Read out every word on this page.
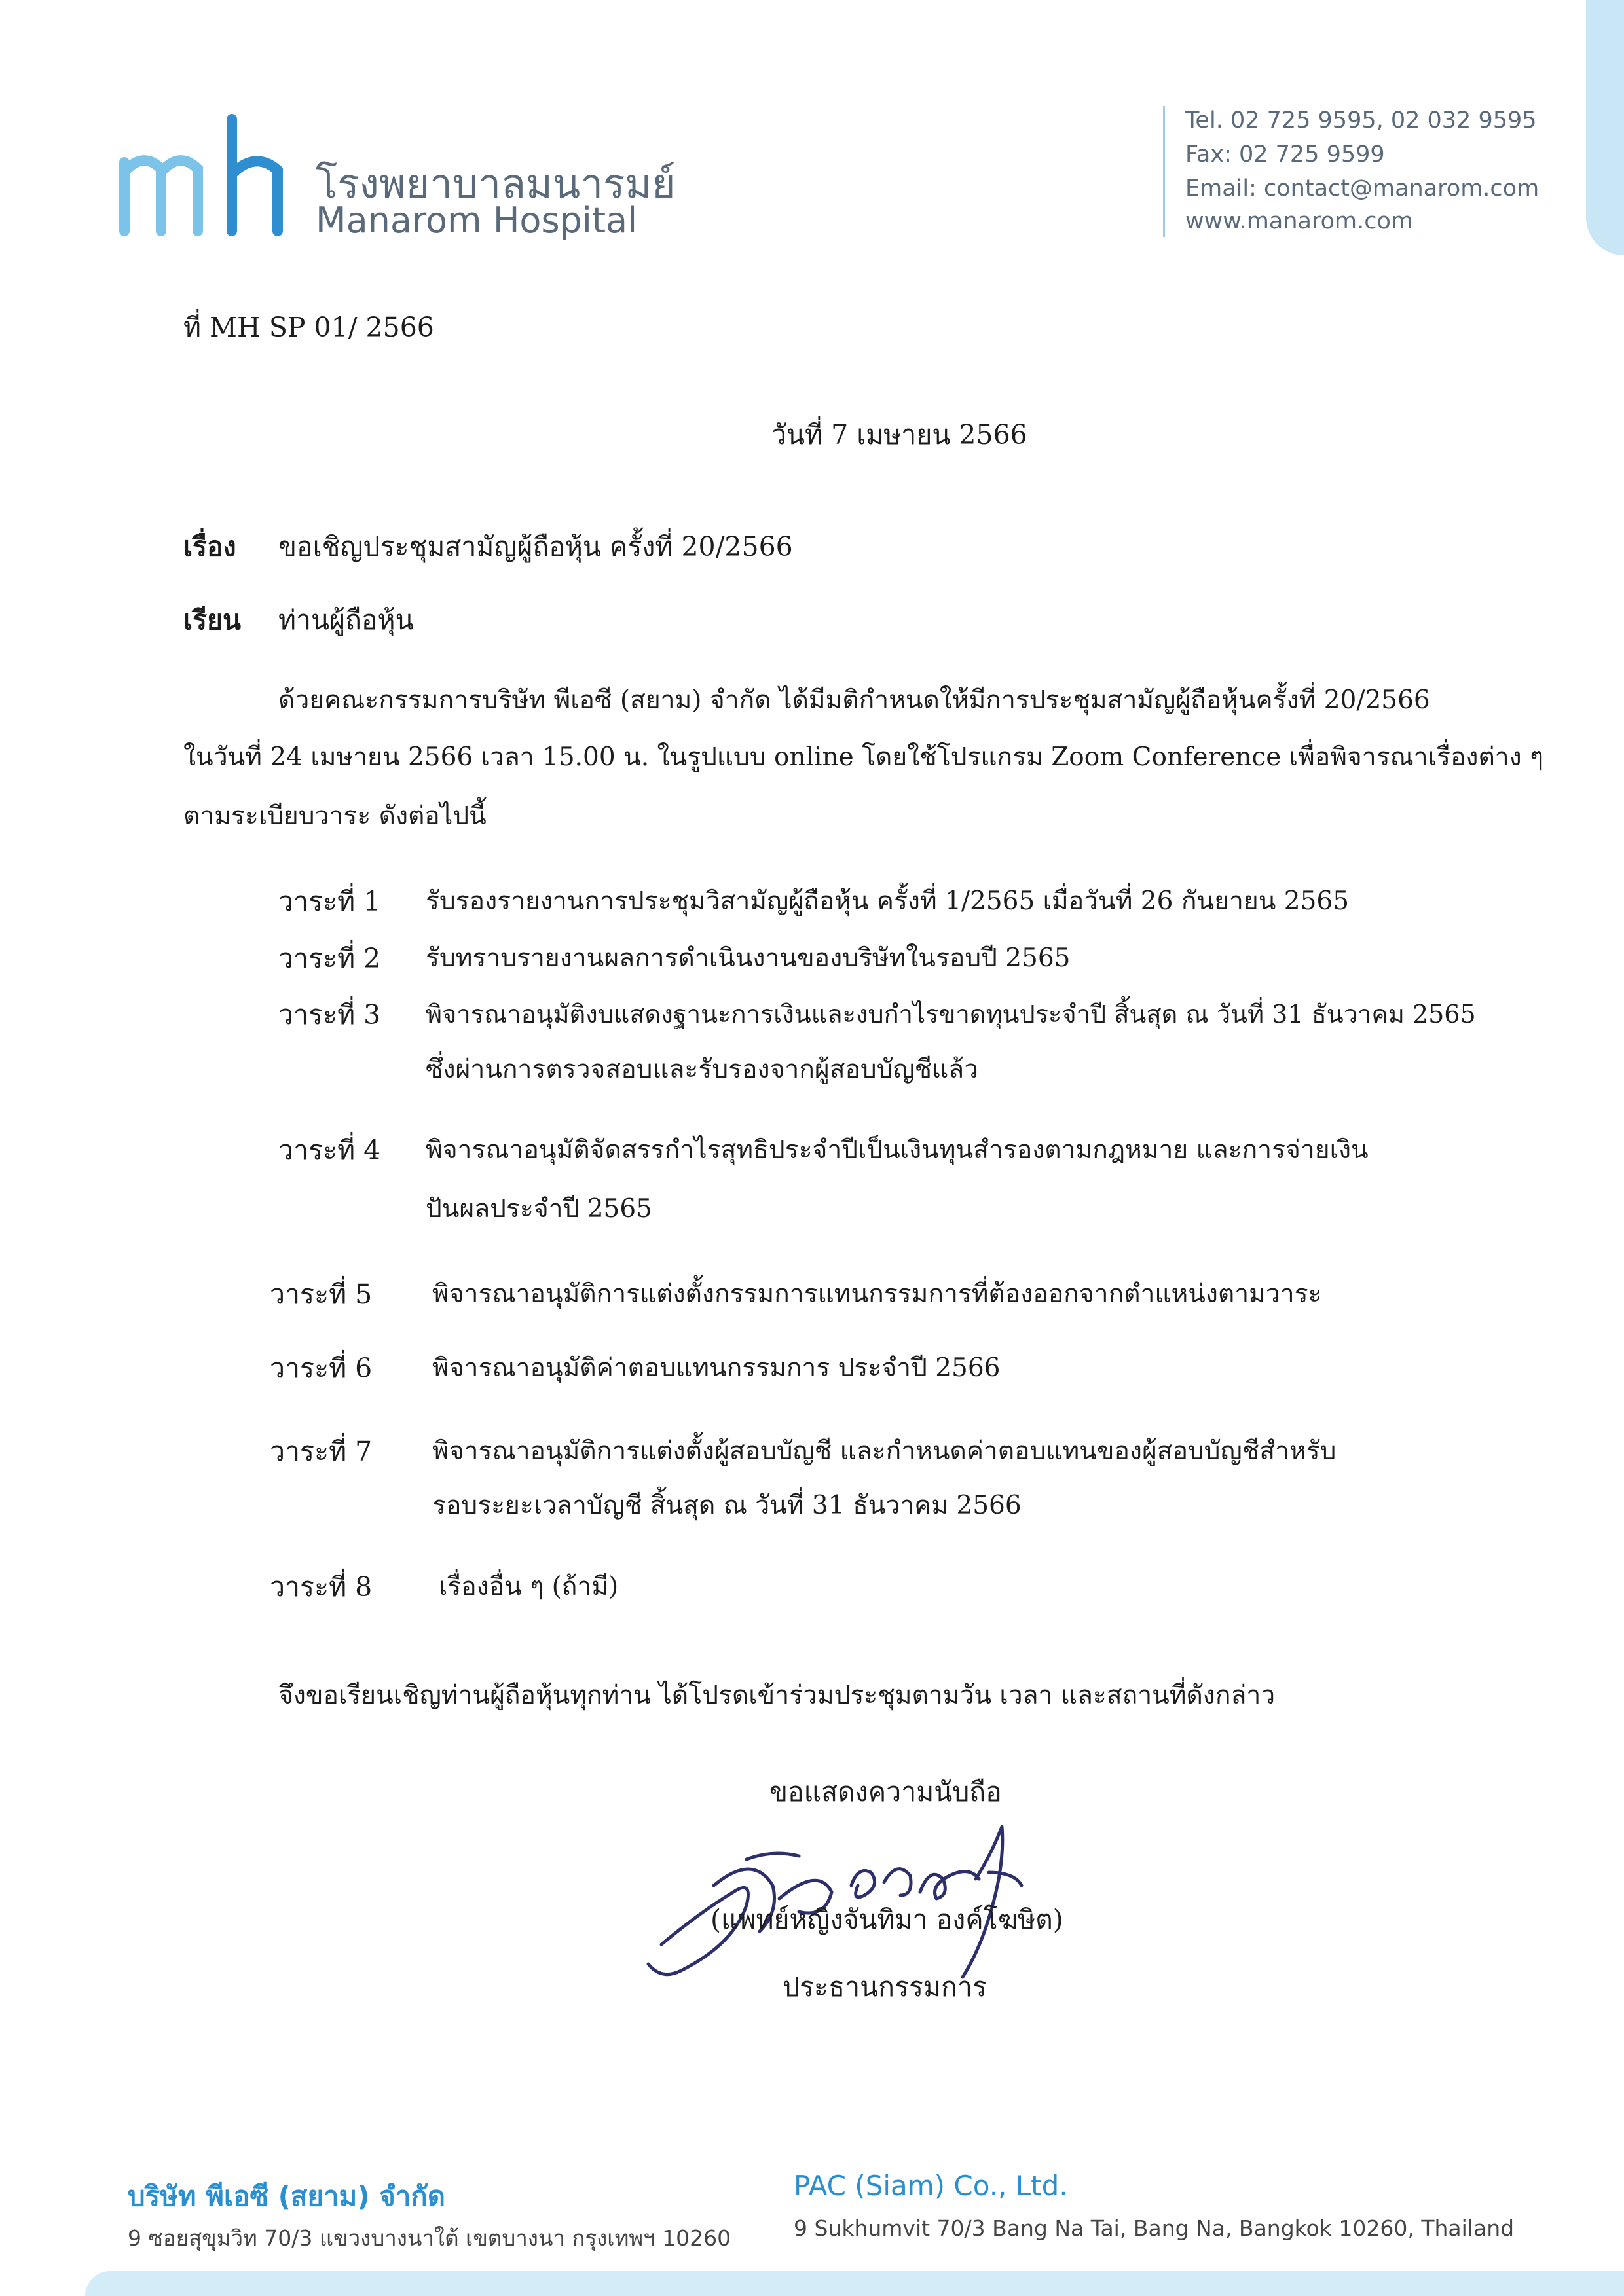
โรงพยาบาลมนารมย์
Manarom Hospital
Tel. 02 725 9595, 02 032 9595
Fax: 02 725 9599
Email: contact@manarom.com
www.manarom.com
ที่ MH SP 01/ 2566
วันที่ 7 เมษายน 2566
เรื่อง ขอเชิญประชุมสามัญผู้ถือหุ้น ครั้งที่ 20/2566
เรียน ท่านผู้ถือหุ้น
ด้วยคณะกรรมการบริษัท พีเอซี (สยาม) จำกัด ได้มีมติกำหนดให้มีการประชุมสามัญผู้ถือหุ้นครั้งที่ 20/2566
ในวันที่ 24 เมษายน 2566 เวลา 15.00 น. ในรูปแบบ online โดยใช้โปรแกรม Zoom Conference เพื่อพิจารณาเรื่องต่าง ๆ
ตามระเบียบวาระ ดังต่อไปนี้
วาระที่ 1 รับรองรายงานการประชุมวิสามัญผู้ถือหุ้น ครั้งที่ 1/2565 เมื่อวันที่ 26 กันยายน 2565
วาระที่ 2 รับทราบรายงานผลการดำเนินงานของบริษัทในรอบปี 2565
วาระที่ 3 พิจารณาอนุมัติงบแสดงฐานะการเงินและงบกำไรขาดทุนประจำปี สิ้นสุด ณ วันที่ 31 ธันวาคม 2565
ซึ่งผ่านการตรวจสอบและรับรองจากผู้สอบบัญชีแล้ว
วาระที่ 4 พิจารณาอนุมัติจัดสรรกำไรสุทธิประจำปีเป็นเงินทุนสำรองตามกฎหมาย และการจ่ายเงิน
ปันผลประจำปี 2565
วาระที่ 5 พิจารณาอนุมัติการแต่งตั้งกรรมการแทนกรรมการที่ต้องออกจากตำแหน่งตามวาระ
วาระที่ 6 พิจารณาอนุมัติค่าตอบแทนกรรมการ ประจำปี 2566
วาระที่ 7 พิจารณาอนุมัติการแต่งตั้งผู้สอบบัญชี และกำหนดค่าตอบแทนของผู้สอบบัญชีสำหรับ
รอบระยะเวลาบัญชี สิ้นสุด ณ วันที่ 31 ธันวาคม 2566
วาระที่ 8	เรื่องอื่น ๆ (ถ้ามี)
จึงขอเรียนเชิญท่านผู้ถือหุ้นทุกท่าน ได้โปรดเข้าร่วมประชุมตามวัน เวลา และสถานที่ดังกล่าว
ขอแสดงความนับถือ
(แพทย์หญิงจันทิมา องค์โฆษิต)
ประธานกรรมการ
บริษัท พีเอซี (สยาม) จำกัด
9 ซอยสุขุมวิท 70/3 แขวงบางนาใต้ เขตบางนา กรุงเทพฯ 10260
PAC (Siam) Co., Ltd.
9 Sukhumvit 70/3 Bang Na Tai, Bang Na, Bangkok 10260, Thailand
